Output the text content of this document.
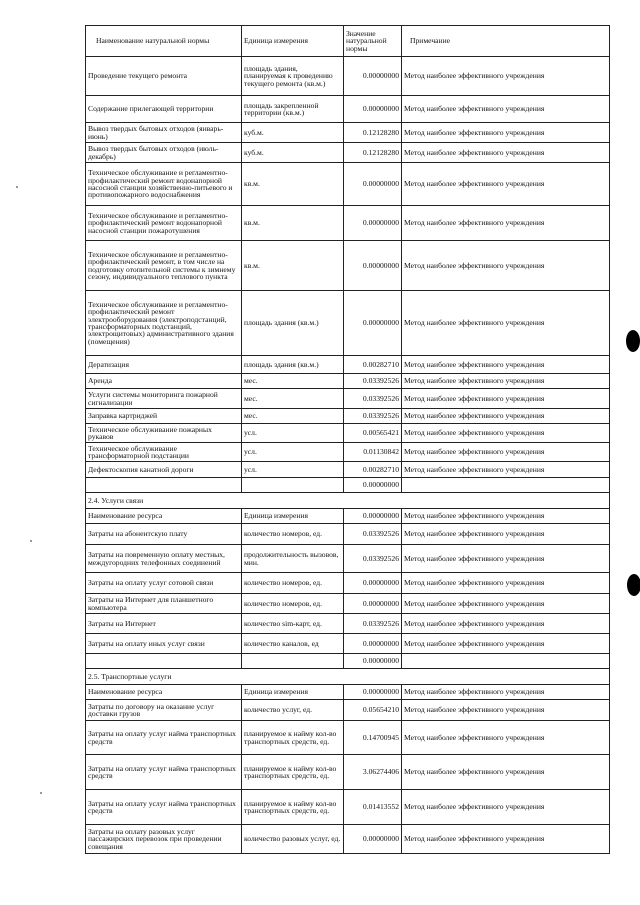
Наименование натуральной нормы	Единица измерения	Значение натуральной нормы	Примечание
Проведение текущего ремонта	площадь здания, планируемая к проведению текущего ремонта (кв.м.)	0.00000000	Метод наиболее эффективного учреждения
Содержание прилегающей территории	площадь закрепленной территории (кв.м.)	0.00000000	Метод наиболее эффективного учреждения
Вывоз твердых бытовых отходов (январь-июнь)	куб.м.	0.12128280	Метод наиболее эффективного учреждения
Вывоз твердых бытовых отходов (июль-декабрь)	куб.м.	0.12128280	Метод наиболее эффективного учреждения
Техническое обслуживание и регламентно-профилактический ремонт водонапорной насосной станции хозяйственно-питьевого и противопожарного водоснабжения	кв.м.	0.00000000	Метод наиболее эффективного учреждения
Техническое обслуживание и регламентно-профилактический ремонт водонапорной насосной станции пожаротушения	кв.м.	0.00000000	Метод наиболее эффективного учреждения
Техническое обслуживание и регламентно-профилактический ремонт, в том числе на подготовку отопительной системы к зимнему сезону, индивидуального теплового пункта	кв.м.	0.00000000	Метод наиболее эффективного учреждения
Техническое обслуживание и регламентно-профилактический ремонт электрооборудования (электроподстанций, трансформаторных подстанций, электрощитовых) административного здания (помещения)	площадь здания (кв.м.)	0.00000000	Метод наиболее эффективного учреждения
Дератизация	площадь здания (кв.м.)	0.00282710	Метод наиболее эффективного учреждения
Аренда	мес.	0.03392526	Метод наиболее эффективного учреждения
Услуги системы мониторинга пожарной сигнализации	мес.	0.03392526	Метод наиболее эффективного учреждения
Заправка картриджей	мес.	0.03392526	Метод наиболее эффективного учреждения
Техническое обслуживание пожарных рукавов	усл.	0.00565421	Метод наиболее эффективного учреждения
Техническое обслуживание трансформаторной подстанции	усл.	0.01130842	Метод наиболее эффективного учреждения
Дефектоскопия канатной дороги	усл.	0.00282710	Метод наиболее эффективного учреждения
		0.00000000	
2.4. Услуги связи			
Наименование ресурса	Единица измерения	0.00000000	Метод наиболее эффективного учреждения
Затраты на абонентскую плату	количество номеров, ед.	0.03392526	Метод наиболее эффективного учреждения
Затраты на повременную оплату местных, междугородних телефонных соединений	продолжительность вызовов, мин.	0.03392526	Метод наиболее эффективного учреждения
Затраты на оплату услуг сотовой связи	количество номеров, ед.	0.00000000	Метод наиболее эффективного учреждения
Затраты на Интернет для планшетного компьютера	количество номеров, ед.	0.00000000	Метод наиболее эффективного учреждения
Затраты на Интернет	количество sim-карт, ед.	0.03392526	Метод наиболее эффективного учреждения
Затраты на оплату иных услуг связи	количество каналов, ед	0.00000000	Метод наиболее эффективного учреждения
		0.00000000	
2.5. Транспортные услуги			
Наименование ресурса	Единица измерения	0.00000000	Метод наиболее эффективного учреждения
Затраты по договору на оказание услуг доставки грузов	количество услуг, ед.	0.05654210	Метод наиболее эффективного учреждения
Затраты на оплату услуг найма транспортных средств	планируемое к найму кол-во транспортных средств, ед.	0.14700945	Метод наиболее эффективного учреждения
Затраты на оплату услуг найма транспортных средств	планируемое к найму кол-во транспортных средств, ед.	3.06274406	Метод наиболее эффективного учреждения
Затраты на оплату услуг найма транспортных средств	планируемое к найму кол-во транспортных средств, ед.	0.01413552	Метод наиболее эффективного учреждения
Затраты на оплату разовых услуг пассажирских перевозок при проведении совещания	количество разовых услуг, ед.	0.00000000	Метод наиболее эффективного учреждения
